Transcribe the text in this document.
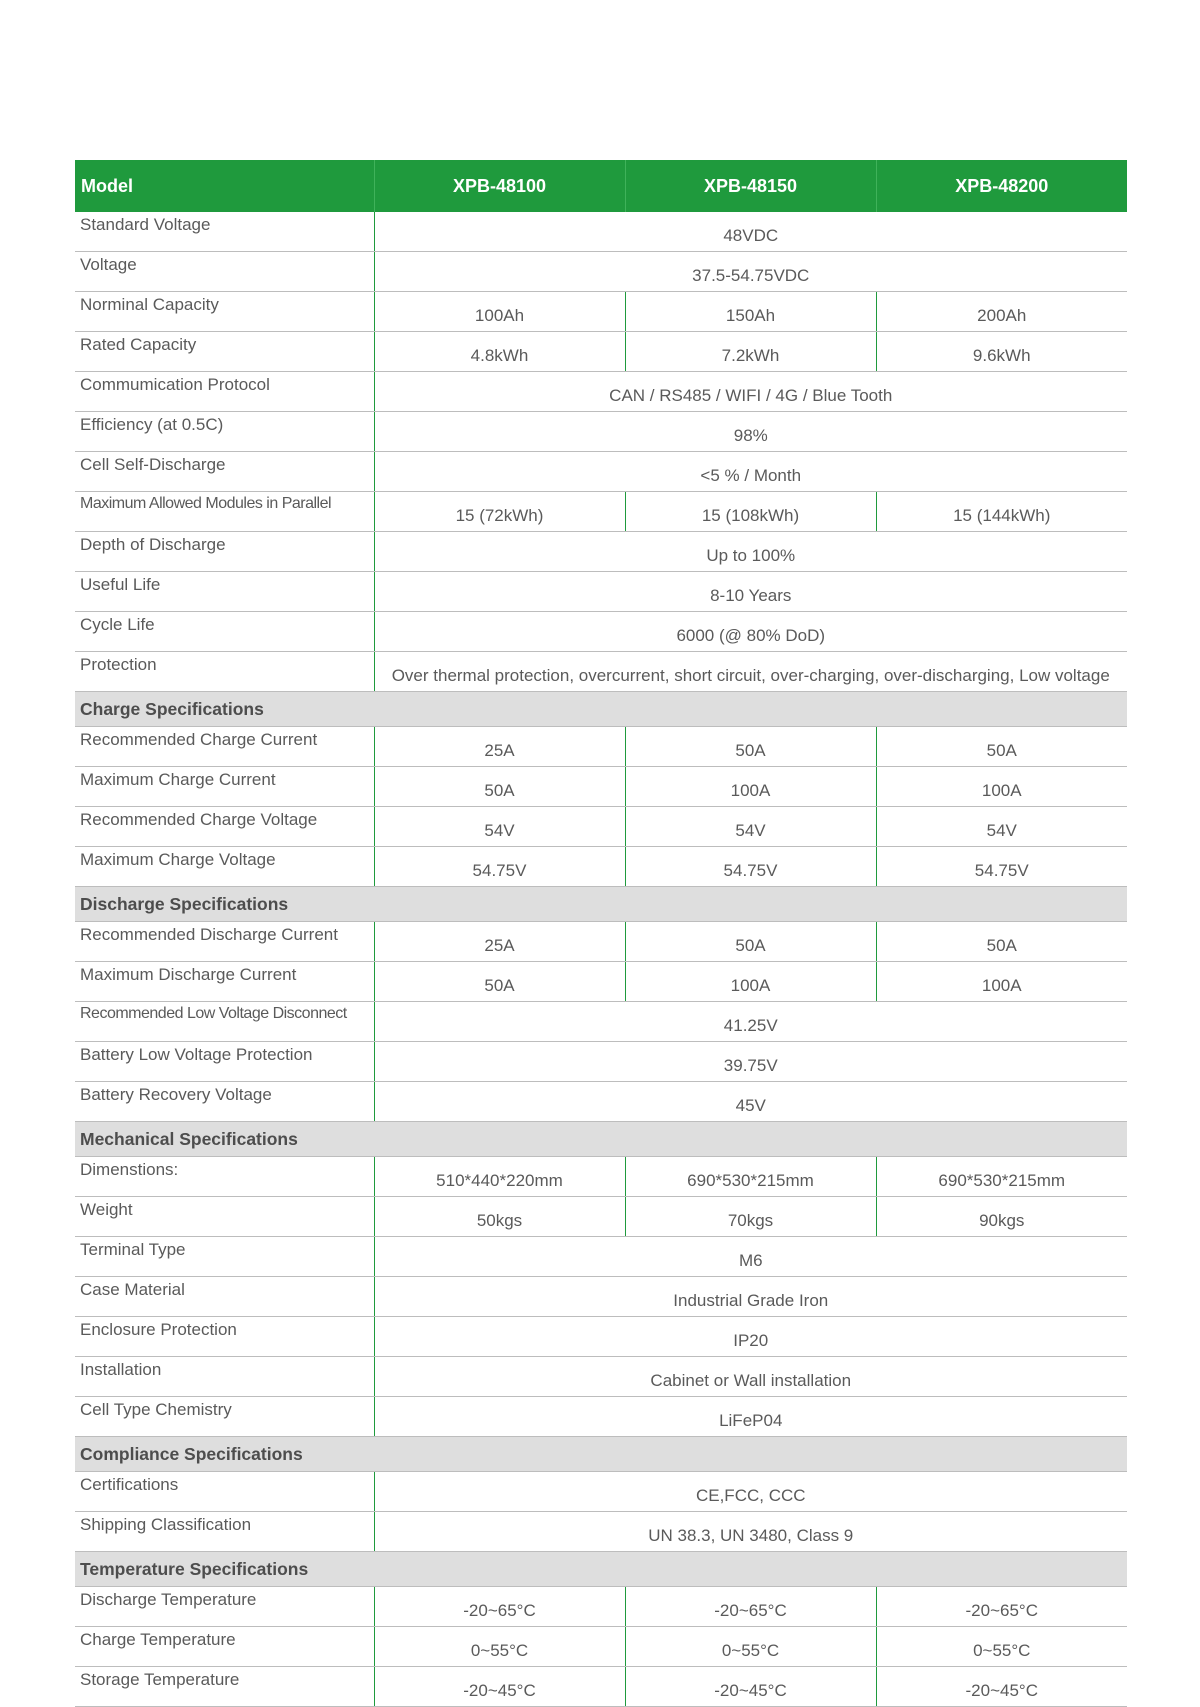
Model	XPB-48100	XPB-48150	XPB-48200
Standard Voltage	48VDC		
Voltage	37.5-54.75VDC		
Norminal Capacity	100Ah	150Ah	200Ah
Rated Capacity	4.8kWh	7.2kWh	9.6kWh
Commumication Protocol	CAN / RS485 / WIFI / 4G / Blue Tooth		
Efficiency (at 0.5C)	98%		
Cell Self-Discharge	<5 % / Month		
Maximum Allowed Modules in Parallel	15 (72kWh)	15 (108kWh)	15 (144kWh)
Depth of Discharge	Up to 100%		
Useful Life	8-10 Years		
Cycle Life	6000 (@ 80% DoD)		
Protection	Over thermal protection, overcurrent, short circuit, over-charging, over-discharging, Low voltage		
Charge Specifications			
Recommended Charge Current	25A	50A	50A
Maximum Charge Current	50A	100A	100A
Recommended Charge Voltage	54V	54V	54V
Maximum Charge Voltage	54.75V	54.75V	54.75V
Discharge Specifications			
Recommended Discharge Current	25A	50A	50A
Maximum Discharge Current	50A	100A	100A
Recommended Low Voltage Disconnect	41.25V		
Battery Low Voltage Protection	39.75V		
Battery Recovery Voltage	45V		
Mechanical Specifications			
Dimenstions:	510*440*220mm	690*530*215mm	690*530*215mm
Weight	50kgs	70kgs	90kgs
Terminal Type	M6		
Case Material	Industrial Grade Iron		
Enclosure Protection	IP20		
Installation	Cabinet or Wall installation		
Cell Type Chemistry	LiFeP04		
Compliance Specifications			
Certifications	CE,FCC, CCC		
Shipping Classification	UN 38.3, UN 3480, Class 9		
Temperature Specifications			
Discharge Temperature	-20~65°C	-20~65°C	-20~65°C
Charge Temperature	0~55°C	0~55°C	0~55°C
Storage Temperature	-20~45°C	-20~45°C	-20~45°C
